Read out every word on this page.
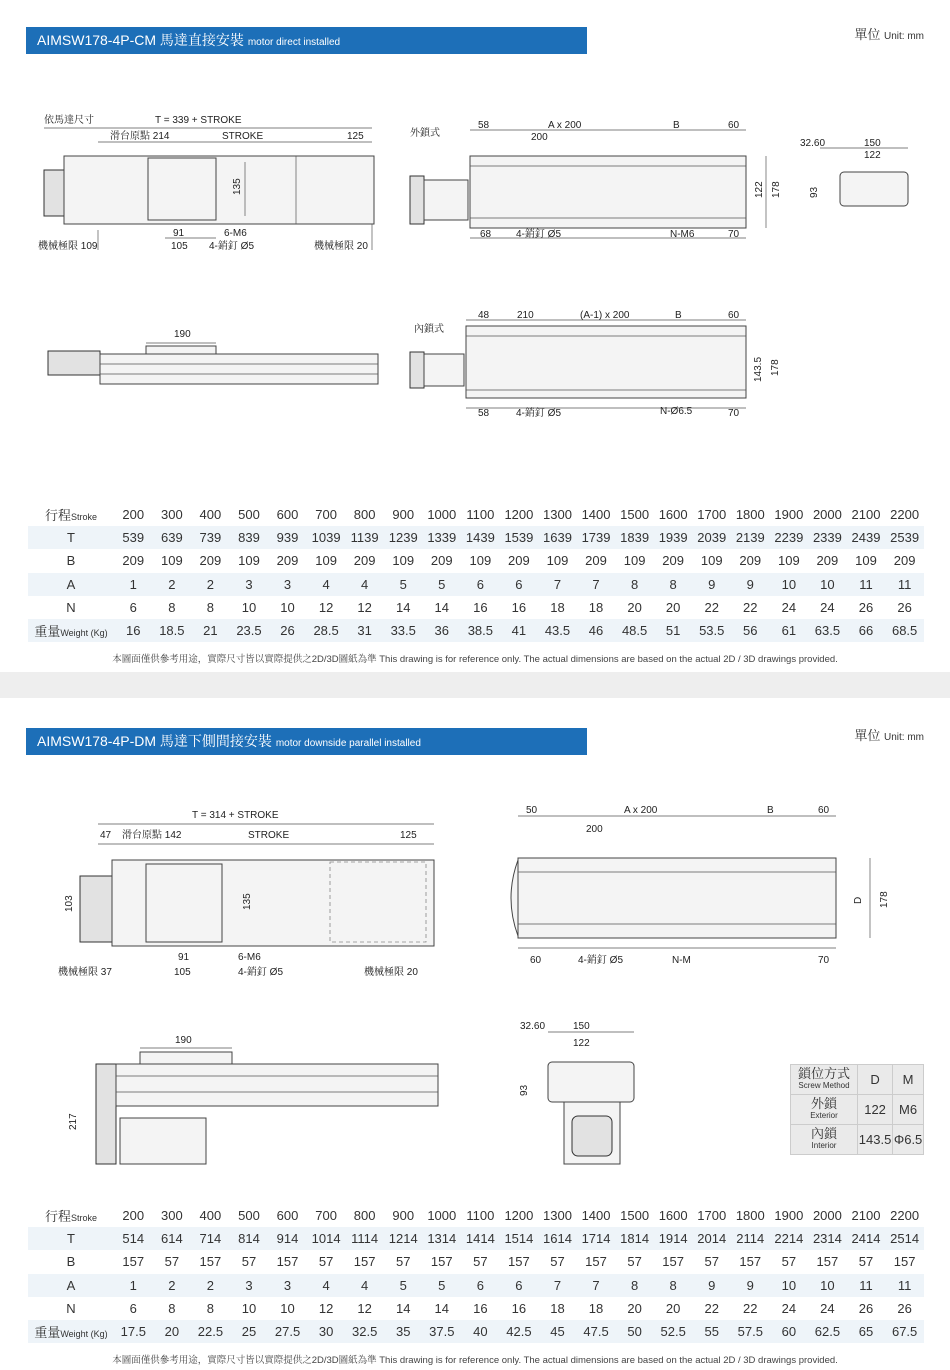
AIMSW178-4P-CM 馬達直接安裝 motor direct installed
單位 Unit: mm
依馬達尺寸	T = 339 + STROKE
滑台原點 214	STROKE	125
135
91	6-M6
105 4-銷釘 Ø5
機械極限 109	機械極限 20
外鎖式
58	A x 200	B	60
200
68 4-銷釘 Ø5	N-M6	70
122 178
32.60	150
122
93
190	內鎖式
48	210	(A-1) x 200	B	60
143.5 178
58	4-銷釘 Ø5	N-Ø6.5	70
行程Stroke	200	300	400	500	600	700	800	900	1000	1100	1200	1300	1400	1500	1600	1700	1800	1900	2000	2100	2200
T	539	639	739	839	939	1039	1139	1239	1339	1439	1539	1639	1739	1839	1939	2039	2139	2239	2339	2439	2539
B	209	109	209	109	209	109	209	109	209	109	209	109	209	109	209	109	209	109	209	109	209
A	1	2	2	3	3	4	4	5	5	6	6	7	7	8	8	9	9	10	10	11	11
N	6	8	8	10	10	12	12	14	14	16	16	18	18	20	20	22	22	24	24	26	26
重量Weight (Kg)	16	18.5	21	23.5	26	28.5	31	33.5	36	38.5	41	43.5	46	48.5	51	53.5	56	61	63.5	66	68.5
本圖面僅供參考用途，實際尺寸皆以實際提供之2D/3D圖紙為準 This drawing is for reference only. The actual dimensions are based on the actual 2D / 3D drawings provided.
AIMSW178-4P-DM 馬達下側間接安裝 motor downside parallel installed
單位 Unit: mm
T = 314 + STROKE
47 滑台原點 142	STROKE	125
103	135
91	6-M6
105	4-銷釘 Ø5
機械極限 37	機械極限 20
50	A x 200	B	60
200
60	4-銷釘 Ø5	N-M	70
D 178
190
217
32.60	150
122
93
鎖位方式
Screw Method	D	M
外鎖
Exterior	122	M6
內鎖
Interior	143.5	Φ6.5
行程Stroke	200	300	400	500	600	700	800	900	1000	1100	1200	1300	1400	1500	1600	1700	1800	1900	2000	2100	2200
T	514	614	714	814	914	1014	1114	1214	1314	1414	1514	1614	1714	1814	1914	2014	2114	2214	2314	2414	2514
B	157	57	157	57	157	57	157	57	157	57	157	57	157	57	157	57	157	57	157	57	157
A	1	2	2	3	3	4	4	5	5	6	6	7	7	8	8	9	9	10	10	11	11
N	6	8	8	10	10	12	12	14	14	16	16	18	18	20	20	22	22	24	24	26	26
重量Weight (Kg)	17.5	20	22.5	25	27.5	30	32.5	35	37.5	40	42.5	45	47.5	50	52.5	55	57.5	60	62.5	65	67.5
本圖面僅供參考用途，實際尺寸皆以實際提供之2D/3D圖紙為準 This drawing is for reference only. The actual dimensions are based on the actual 2D / 3D drawings provided.
